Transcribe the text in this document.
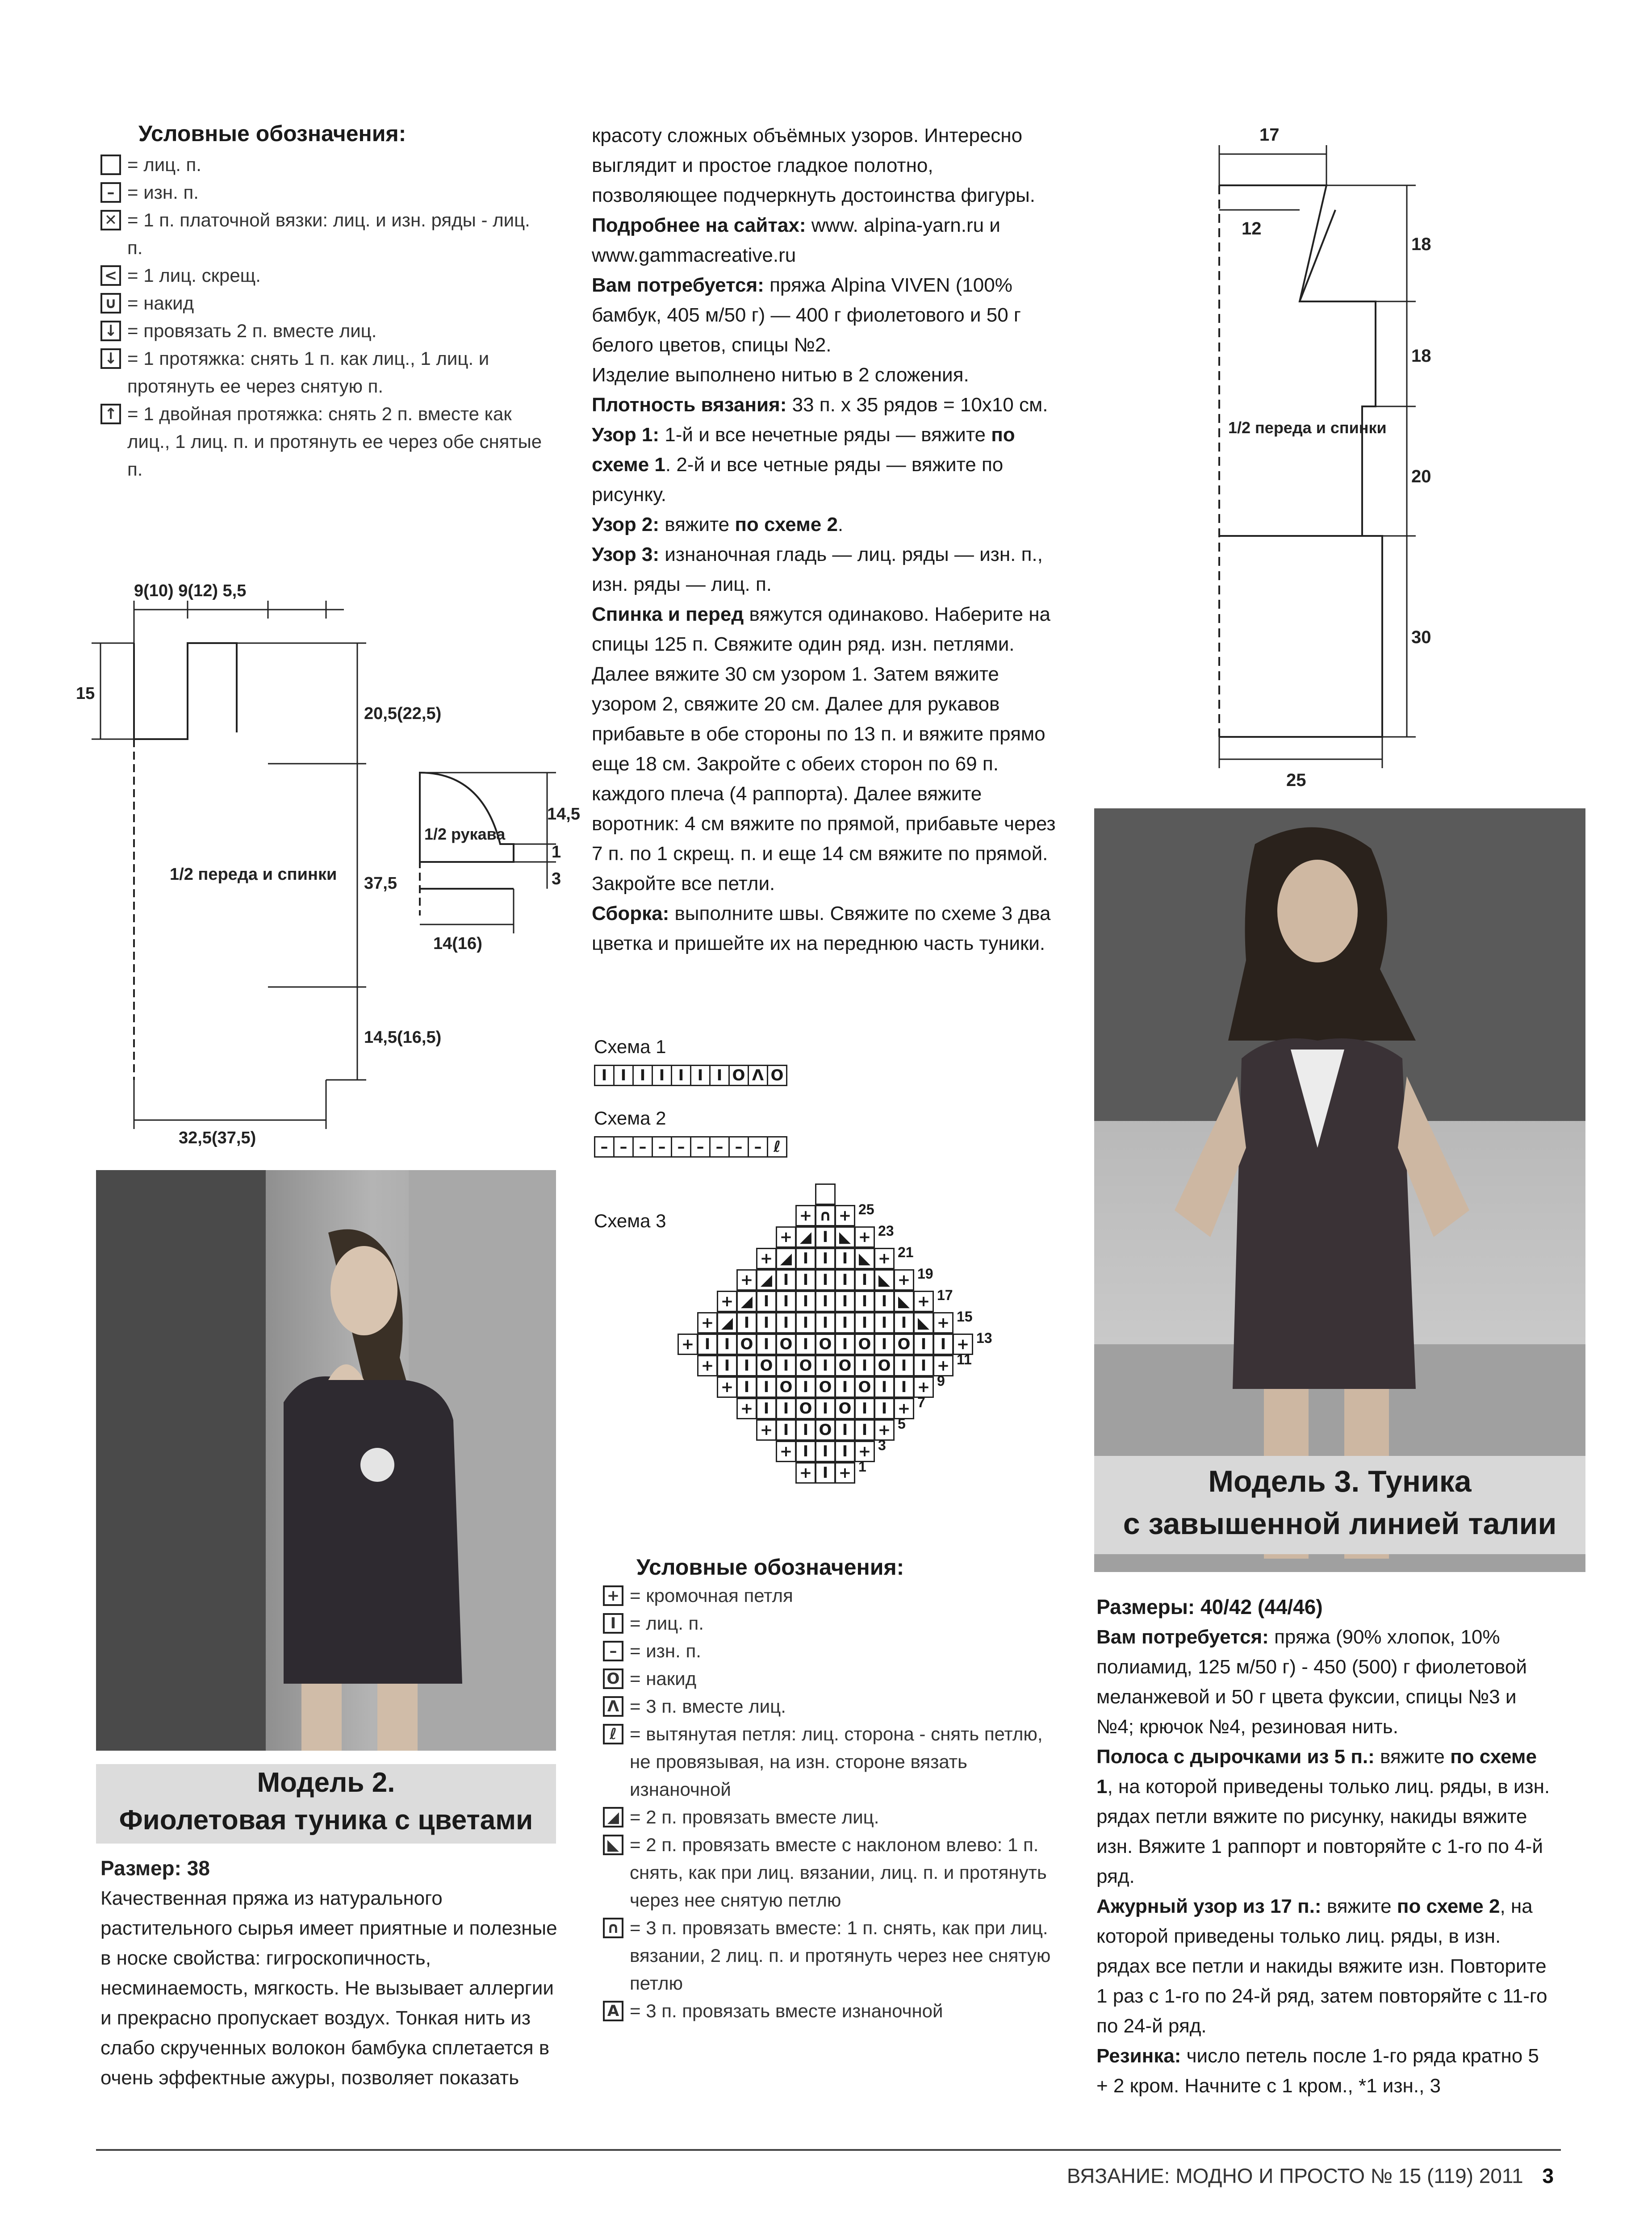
Условные обозначения:
= лиц. п.
– = изн. п.
✕ = 1 п. платочной вязки: лиц. и изн. ряды - лиц. п.
< = 1 лиц. скрещ.
∪ = накид
↓ = провязать 2 п. вместе лиц.
↓ = 1 протяжка: снять 1 п. как лиц., 1 лиц. и протянуть ее через снятую п.
↑ = 1 двойная протяжка: снять 2 п. вместе как лиц., 1 лиц. п. и протянуть ее через обе снятые п.
9(10) 9(12) 5,5
15
20,5(22,5)
37,5
14,5(16,5)
32,5(37,5)
1/2 переда и спинки
1/2 рукава
14,5
1
3
14(16)
Модель 2.
Фиолетовая туника с цветами

Размер: 38

Качественная пряжа из натурального растительного сырья имеет приятные и полезные в носке свойства: гигроскопичность, несминаемость, мягкость. Не вызывает аллергии и прекрасно пропускает воздух. Тонкая нить из слабо скрученных волокон бамбука сплетается в очень эффектные ажуры, позволяет показать

красоту сложных объёмных узоров. Интересно выглядит и простое гладкое полотно, позволяющее подчеркнуть достоинства фигуры.

Подробнее на сайтах: www. alpina-yarn.ru и www.gammacreative.ru

Вам потребуется: пряжа Alpina VIVEN (100% бамбук, 405 м/50 г) — 400 г фиолетового и 50 г белого цветов, спицы №2.

Изделие выполнено нитью в 2 сложения.

Плотность вязания: 33 п. х 35 рядов = 10х10 см.

Узор 1: 1-й и все нечетные ряды — вяжите по схеме 1. 2-й и все четные ряды — вяжите по рисунку.

Узор 2: вяжите по схеме 2.

Узор 3: изнаночная гладь — лиц. ряды — изн. п., изн. ряды — лиц. п.

Спинка и перед вяжутся одинаково. Наберите на спицы 125 п. Свяжите один ряд. изн. петлями. Далее вяжите 30 см узором 1. Затем вяжите узором 2, свяжите 20 см. Далее для рукавов прибавьте в обе стороны по 13 п. и вяжите прямо еще 18 см. Закройте с обеих сторон по 69 п. каждого плеча (4 раппорта). Далее вяжите воротник: 4 см вяжите по прямой, прибавьте через 7 п. по 1 скрещ. п. и еще 14 см вяжите по прямой. Закройте все петли.

Сборка: выполните швы. Свяжите по схеме 3 два цветка и пришейте их на переднюю часть туники.

Схема 1
I I I I I I I O Λ O
Схема 2
– – – – – – – – – ℓ
Схема 3	+ ∩ + 25
+ ◢ I ◣ + 23
+ ◢ I I I ◣ + 21
+ ◢ I I I I I ◣ + 19
+ ◢ I I I I I I I ◣ + 17
+ ◢ I I I I I I I I I ◣ + 15
+ I I O I O I O I O I O I I + 13
+ I I O I O I O I O I I + 11
+ I I O I O I O I I + 9
+ I I O I O I I + 7
+ I I O I I + 5
+ I I I + 3
+ I + 1
Условные обозначения:
+ = кромочная петля
I = лиц. п.
– = изн. п.
O = накид
Λ = 3 п. вместе лиц.
ℓ = вытянутая петля: лиц. сторона - снять петлю, не провязывая, на изн. стороне вязать изнаночной
◢ = 2 п. провязать вместе лиц.
◣ = 2 п. провязать вместе с наклоном влево: 1 п. снять, как при лиц. вязании, лиц. п. и протянуть через нее снятую петлю
∩ = 3 п. провязать вместе: 1 п. снять, как при лиц. вязании, 2 лиц. п. и протянуть через нее снятую петлю
A = 3 п. провязать вместе изнаночной
17
12
18
18
20
30
25
1/2 переда и спинки
Модель 3. Туника
с завышенной линией талии

Размеры: 40/42 (44/46)

Вам потребуется: пряжа (90% хлопок, 10% полиамид, 125 м/50 г) - 450 (500) г фиолетовой меланжевой и 50 г цвета фуксии, спицы №3 и №4; крючок №4, резиновая нить.

Полоса с дырочками из 5 п.: вяжите по схеме 1, на которой приведены только лиц. ряды, в изн. рядах петли вяжите по рисунку, накиды вяжите изн. Вяжите 1 раппорт и повторяйте с 1-го по 4-й ряд.

Ажурный узор из 17 п.: вяжите по схеме 2, на которой приведены только лиц. ряды, в изн. рядах все петли и накиды вяжите изн. Повторите 1 раз с 1-го по 24-й ряд, затем повторяйте с 11-го по 24-й ряд.

Резинка: число петель после 1-го ряда кратно 5 + 2 кром. Начните с 1 кром., *1 изн., 3

ВЯЗАНИЕ: МОДНО И ПРОСТО № 15 (119) 2011 3
